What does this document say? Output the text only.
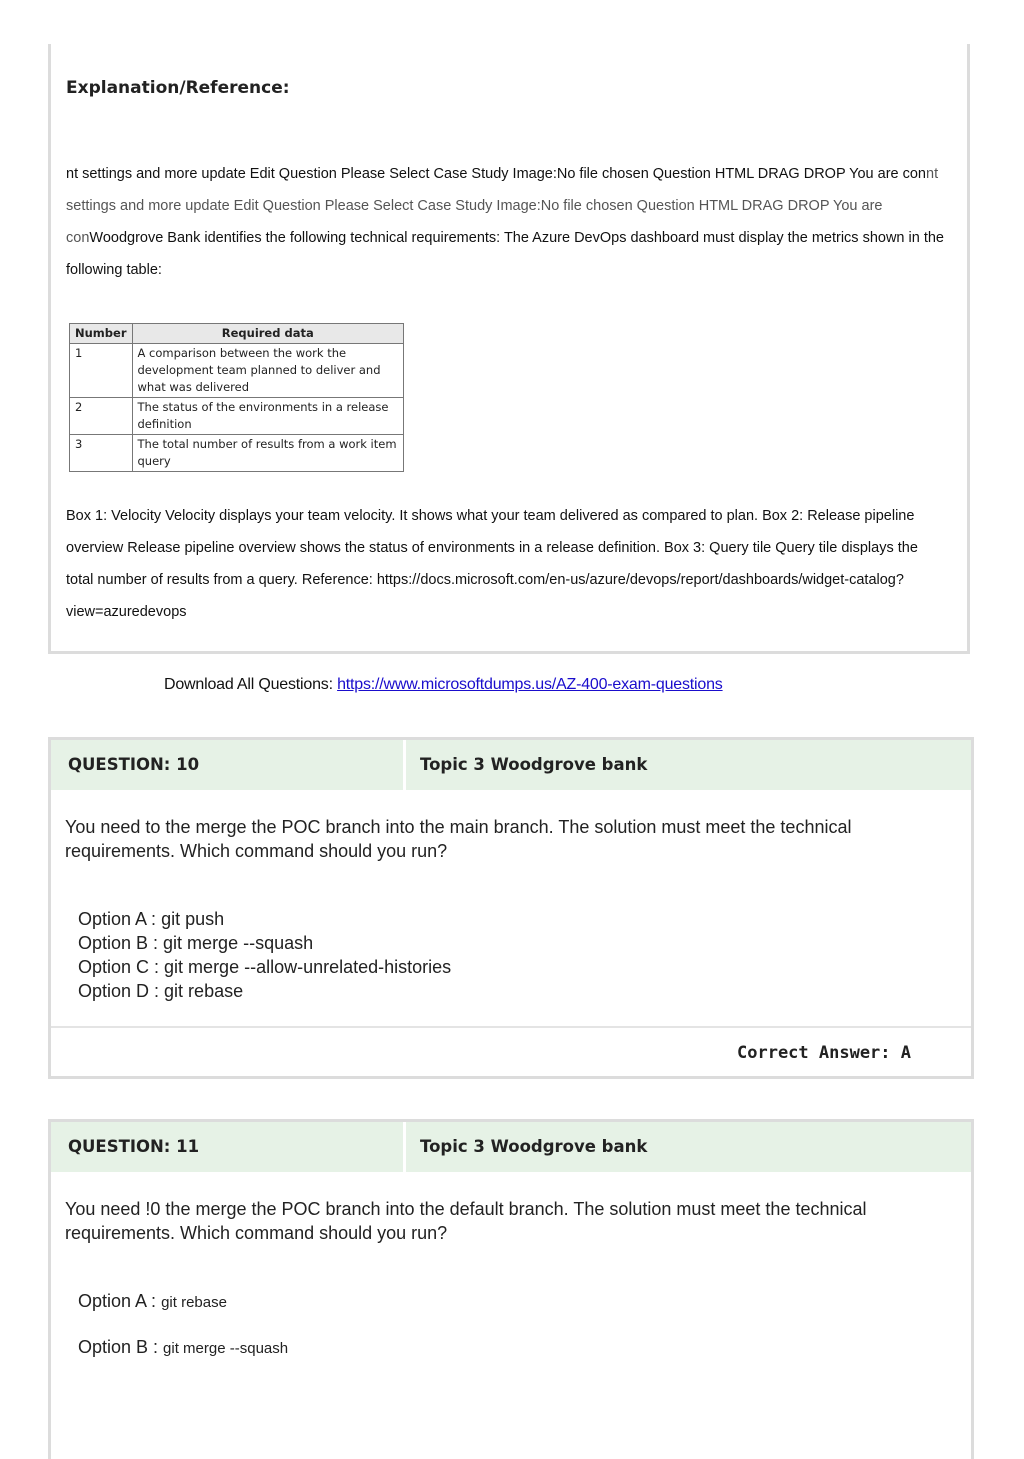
Explanation/Reference:
nt settings and more update Edit Question Please Select Case Study Image:No file chosen Question HTML DRAG DROP You are connt settings and more update Edit Question Please Select Case Study Image:No file chosen Question HTML DRAG DROP You are conWoodgrove Bank identifies the following technical requirements: The Azure DevOps dashboard must display the metrics shown in the following table:
Number	Required data
1	A comparison between the work the development team planned to deliver and what was delivered
2	The status of the environments in a release definition
3	The total number of results from a work item query
Box 1: Velocity Velocity displays your team velocity. It shows what your team delivered as compared to plan. Box 2: Release pipeline overview Release pipeline overview shows the status of environments in a release definition. Box 3: Query tile Query tile displays the total number of results from a query. Reference: https://docs.microsoft.com/en-us/azure/devops/report/dashboards/widget-catalog?view=azuredevops
Download All Questions: https://www.microsoftdumps.us/AZ-400-exam-questions
QUESTION: 10	Topic 3 Woodgrove bank
You need to the merge the POC branch into the main branch. The solution must meet the technical requirements. Which command should you run?
Option A : git push
Option B : git merge --squash
Option C : git merge --allow-unrelated-histories
Option D : git rebase
Correct Answer: A
QUESTION: 11	Topic 3 Woodgrove bank
You need !0 the merge the POC branch into the default branch. The solution must meet the technical requirements. Which command should you run?
Option A : git rebase
Option B : git merge --squash
